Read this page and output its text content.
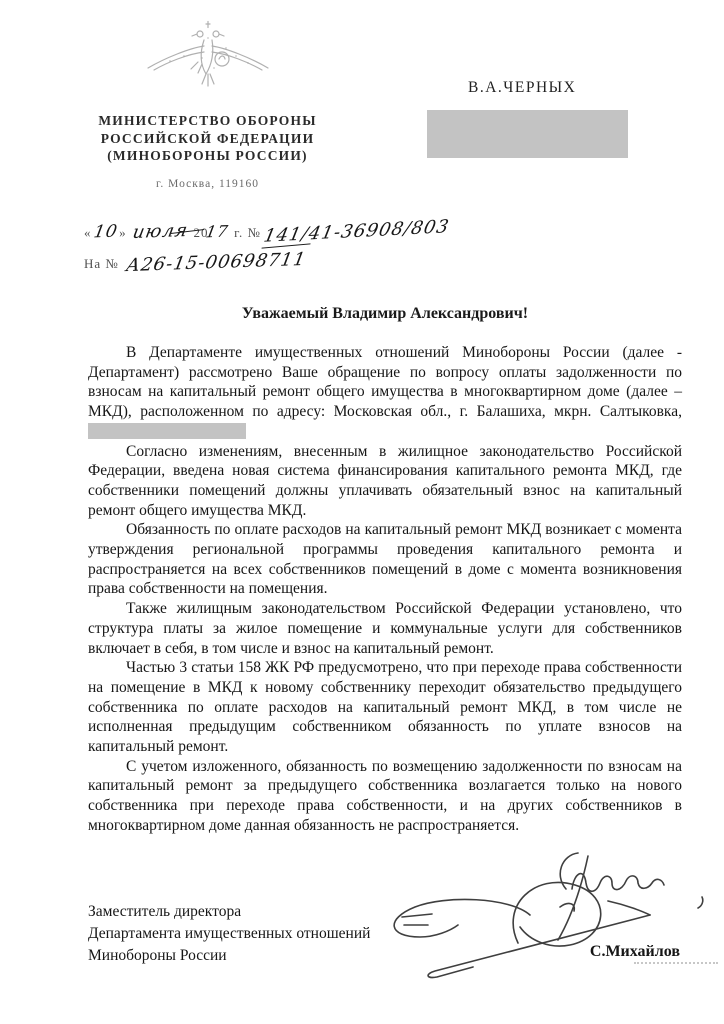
МИНИСТЕРСТВО ОБОРОНЫ
РОССИЙСКОЙ ФЕДЕРАЦИИ
(МИНОБОРОНЫ РОССИИ)
г. Москва, 119160
В.А.ЧЕРНЫХ
«10» июля 2017 г. №141/41-36908/803
На № А26-15-00698711
Уважаемый Владимир Александрович!

В Департаменте имущественных отношений Минобороны России (далее - Департамент) рассмотрено Ваше обращение по вопросу оплаты задолженности по взносам на капитальный ремонт общего имущества в многоквартирном доме (далее – МКД), расположенном по адресу: Московская обл., г. Балашиха, мкрн. Салтыковка,

Согласно изменениям, внесенным в жилищное законодательство Российской Федерации, введена новая система финансирования капитального ремонта МКД, где собственники помещений должны уплачивать обязательный взнос на капитальный ремонт общего имущества МКД.

Обязанность по оплате расходов на капитальный ремонт МКД возникает с момента утверждения региональной программы проведения капитального ремонта и распространяется на всех собственников помещений в доме с момента возникновения права собственности на помещения.

Также жилищным законодательством Российской Федерации установлено, что структура платы за жилое помещение и коммунальные услуги для собственников включает в себя, в том числе и взнос на капитальный ремонт.

Частью 3 статьи 158 ЖК РФ предусмотрено, что при переходе права собственности на помещение в МКД к новому собственнику переходит обязательство предыдущего собственника по оплате расходов на капитальный ремонт МКД, в том числе не исполненная предыдущим собственником обязанность по уплате взносов на капитальный ремонт.

С учетом изложенного, обязанность по возмещению задолженности по взносам на капитальный ремонт за предыдущего собственника возлагается только на нового собственника при переходе права собственности, и на других собственников в многоквартирном доме данная обязанность не распространяется.

Заместитель директора
Департамента имущественных отношений
Минобороны России	С.Михайлов
